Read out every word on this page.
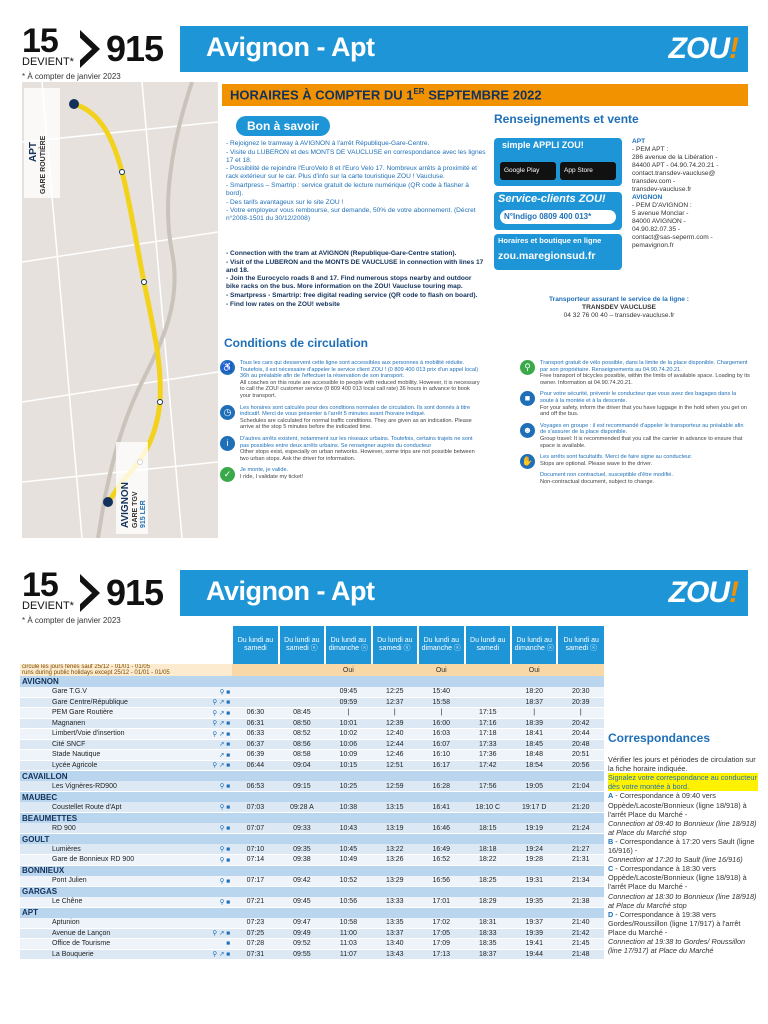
15
DEVIENT* 915 Avignon - Apt	ZOU!
* À compter de janvier 2023
APT GARE ROUTIÈRE
AVIGNON GARE TGV 915 LER
HORAIRES À COMPTER DU 1ER SEPTEMBRE 2022
Bon à savoir
- Rejoignez le tramway à AVIGNON à l'arrêt République-Gare-Centre.
- Visite du LUBERON et des MONTS DE VAUCLUSE en correspondance avec les lignes 17 et 18.
- Possibilité de rejoindre l'EuroVelo 8 et l'Euro Velo 17. Nombreux arrêts à proximité et rack extérieur sur le car. Plus d'info sur la carte touristique ZOU ! Vaucluse.
- Smartpress – Smartrip : service gratuit de lecture numérique (QR code à flasher à bord).
- Des tarifs avantageux sur le site ZOU !
- Votre employeur vous rembourse, sur demande, 50% de votre abonnement. (Décret n°2008-1501 du 30/12/2008)
- Connection with the tram at AVIGNON (Republique-Gare-Centre station).
- Visit of the LUBERON and the MONTS DE VAUCLUSE in connection with lines 17 and 18.
- Join the Eurocyclo roads 8 and 17. Find numerous stops nearby and outdoor bike racks on the bus. More information on the ZOU! Vaucluse touring map.
- Smartpress - Smartrip: free digital reading service (QR code to flash on board).
- Find low rates on the ZOU! website
Renseignements et vente
simple APPLI ZOU!
Google Play	App Store
Service-clients ZOU!
N°Indigo 0809 400 013*
Horaires et boutique en ligne
zou.maregionsud.fr
APT
- PEM APT :
286 avenue de la Libération -
84400 APT - 04.90.74.20.21 -
contact.transdev-vaucluse@
transdev.com -
transdev-vaucluse.fr
AVIGNON
- PEM D'AVIGNON :
5 avenue Monclar -
84000 AVIGNON -
04.90.82.07.35 -
contact@sas-seperm.com -
pemavignon.fr
Transporteur assurant le service de la ligne :
TRANSDEV VAUCLUSE
04 32 76 00 40 – transdev-vaucluse.fr
Conditions de circulation
♿	Tous les cars qui desservent cette ligne sont accessibles aux personnes à mobilité réduite. Toutefois, il est nécessaire d'appeler le service client ZOU ! (0 809 400 013 prix d'un appel local) 36h au préalable afin de l'effectuer la réservation de son transport.
All coaches on this route are accessible to people with reduced mobility. However, it is necessary to call the ZOU! customer service (0 809 400 013 local call rate) 36 hours in advance to book your transport.
◷	Les horaires sont calculés pour des conditions normales de circulation. Ils sont donnés à titre indicatif. Merci de vous présenter à l'arrêt 5 minutes avant l'horaire indiqué.
Schedules are calculated for normal traffic conditions. They are given as an indication. Please arrive at the stop 5 minutes before the indicated time.
i	D'autres arrêts existent, notamment sur les réseaux urbains. Toutefois, certains trajets ne sont pas possibles entre deux arrêts urbains. Se renseigner auprès du conducteur
Other stops exist, especially on urban networks. However, some trips are not possible between two urban stops. Ask the driver for information.
✓	Je monte, je valide.
I ride, I validate my ticket!
⚲	Transport gratuit de vélo possible, dans la limite de la place disponible. Chargement par son propriétaire. Renseignements au 04.90.74.20.21.
Free transport of bicycles possible, within the limits of available space. Loading by its owner. Information at 04.90.74.20.21.
■	Pour votre sécurité, prévenir le conducteur que vous avez des bagages dans la soute à la montée et à la descente.
For your safety, inform the driver that you have luggage in the hold when you get on and off the bus.
☻	Voyages en groupe : il est recommandé d'appeler le transporteur au préalable afin de s'assurer de la place disponible.
Group travel: It is recommended that you call the carrier in advance to ensure that space is available.
✋	Les arrêts sont facultatifs. Merci de faire signe au conducteur.
Stops are optional. Please wave to the driver.
Document non contractuel, susceptible d'être modifié.
Non-contractual document, subject to change.
15
DEVIENT* 915 Avignon - Apt	ZOU!
* À compter de janvier 2023
		Du lundi au samedi	Du lundi au samedi ⓢ	Du lundi au dimanche ⓢ	Du lundi au samedi ⓢ	Du lundi au dimanche ⓢ	Du lundi au samedi	Du lundi au dimanche ⓢ	Du lundi au samedi ⓢ

circule les jours fériés sauf 25/12 - 01/01 - 01/05
runs during public holidays except 25/12 - 01/01 - 01/05				Oui		Oui		Oui	
AVIGNON									
Gare T.G.V	⚲ ■			09:45	12:25	15:40		18:20	20:30
Gare Centre/République	⚲ ↗ ■			09:59	12:37	15:58		18:37	20:39
PEM Gare Routière	⚲ ↗ ■	06:30	08:45	|	|	|	17:15	|	|
Magnanen	⚲ ↗ ■	06:31	08:50	10:01	12:39	16:00	17:16	18:39	20:42
Limbert/Voie d'insertion	⚲ ↗ ■	06:33	08:52	10:02	12:40	16:03	17:18	18:41	20:44
Cité SNCF	↗ ■	06:37	08:56	10:06	12:44	16:07	17:33	18:45	20:48
Stade Nautique	↗ ■	06:39	08:58	10:09	12:46	16:10	17:36	18:48	20:51
Lycée Agricole	⚲ ↗ ■	06:44	09:04	10:15	12:51	16:17	17:42	18:54	20:56
CAVAILLON									
Les Vignères-RD900	⚲ ■	06:53	09:15	10:25	12:59	16:28	17:56	19:05	21:04
MAUBEC									
Coustellet Route d'Apt	⚲ ■	07:03	09:28 A	10:38	13:15	16:41	18:10 C	19:17 D	21:20
BEAUMETTES									
RD 900	⚲ ■	07:07	09:33	10:43	13:19	16:46	18:15	19:19	21:24
GOULT									
Lumières	⚲ ■	07:10	09:35	10:45	13:22	16:49	18:18	19:24	21:27
Gare de Bonnieux RD 900	⚲ ■	07:14	09:38	10:49	13:26	16:52	18:22	19:28	21:31
BONNIEUX									
Pont Julien	⚲ ■	07:17	09:42	10:52	13:29	16:56	18:25	19:31	21:34
GARGAS									
Le Chêne	⚲ ■	07:21	09:45	10:56	13:33	17:01	18:29	19:35	21:38
APT									
Aptunion		07:23	09:47	10:58	13:35	17:02	18:31	19:37	21:40
Avenue de Lançon	⚲ ↗ ■	07:25	09:49	11:00	13:37	17:05	18:33	19:39	21:42
Office de Tourisme	■	07:28	09:52	11:03	13:40	17:09	18:35	19:41	21:45
La Bouquerie	⚲ ↗ ■	07:31	09:55	11:07	13:43	17:13	18:37	19:44	21:48
Correspondances
Vérifier les jours et périodes de circulation sur la fiche horaire indiquée.
Signalez votre correspondance au conducteur dès votre montée à bord.
A - Correspondance à 09:40 vers Oppède/Lacoste/Bonnieux (ligne 18/918) à l'arrêt Place du Marché -
Connection at 09:40 to Bonnieux (line 18/918) at Place du Marché stop
B - Correspondance à 17:20 vers Sault (ligne 16/916) -
Connection at 17:20 to Sault (line 16/916)
C - Correspondance à 18:30 vers Oppède/Lacoste/Bonnieux (ligne 18/918) à l'arrêt Place du Marché -
Connection at 18:30 to Bonnieux (line 18/918) at Place du Marché stop
D - Correspondance à 19:38 vers Gordes/Roussillon (ligne 17/917) à l'arrêt Place du Marché -
Connection at 19:38 to Gordes/ Roussillon (line 17/917) at Place du Marché
